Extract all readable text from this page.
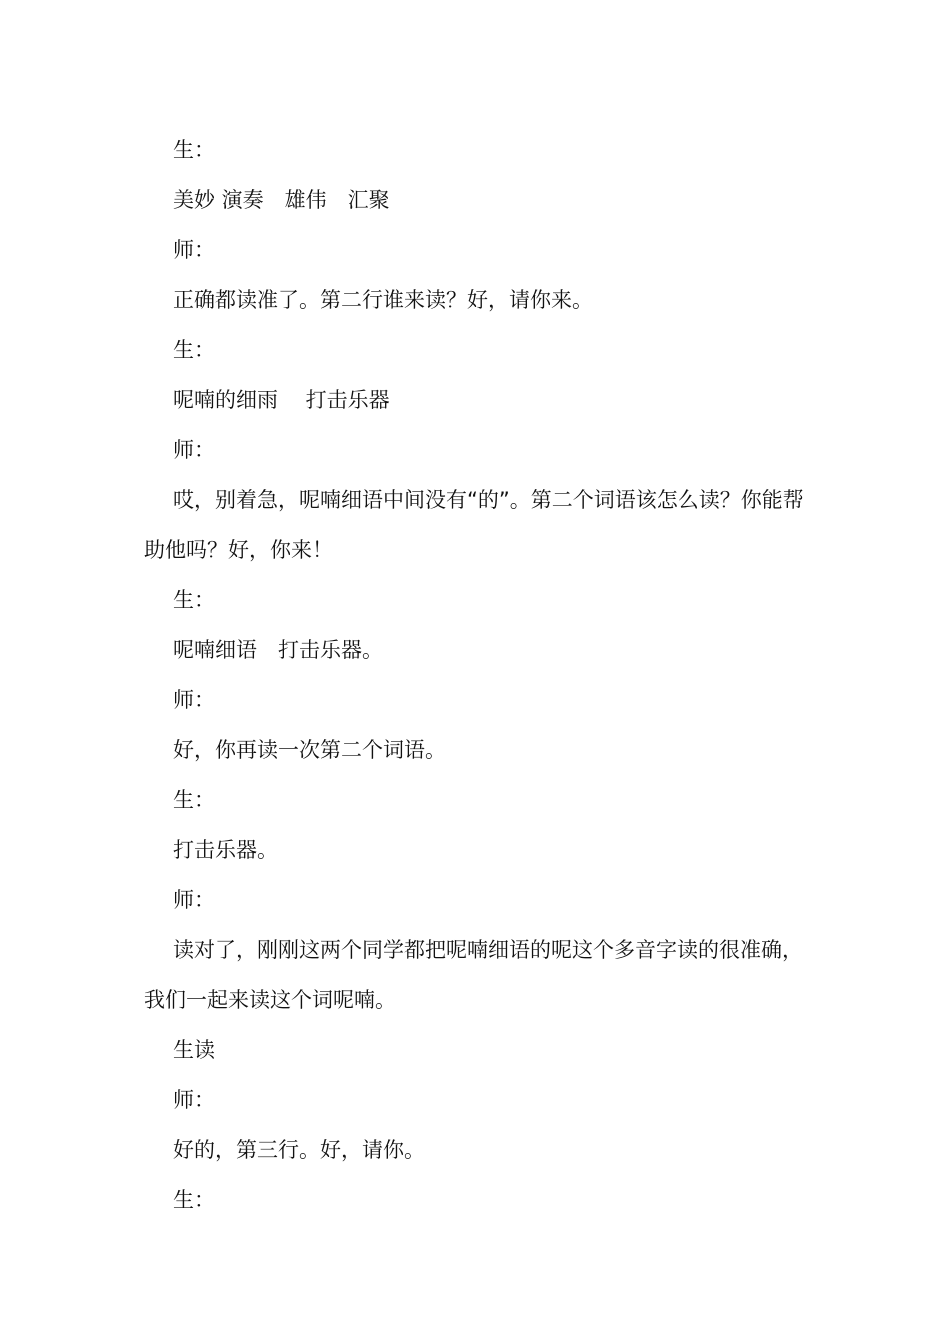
生：

美妙 演奏　雄伟　汇聚

师：

正确都读准了。第二行谁来读？好，请你来。

生：

呢喃的细雨　 打击乐器

师：

哎，别着急，呢喃细语中间没有“的”。第二个词语该怎么读？你能帮助他吗？好，你来！

生：

呢喃细语　打击乐器。

师：

好，你再读一次第二个词语。

生：

打击乐器。

师：

读对了，刚刚这两个同学都把呢喃细语的呢这个多音字读的很准确，我们一起来读这个词呢喃。

生读

师：

好的，第三行。好，请你。

生：
